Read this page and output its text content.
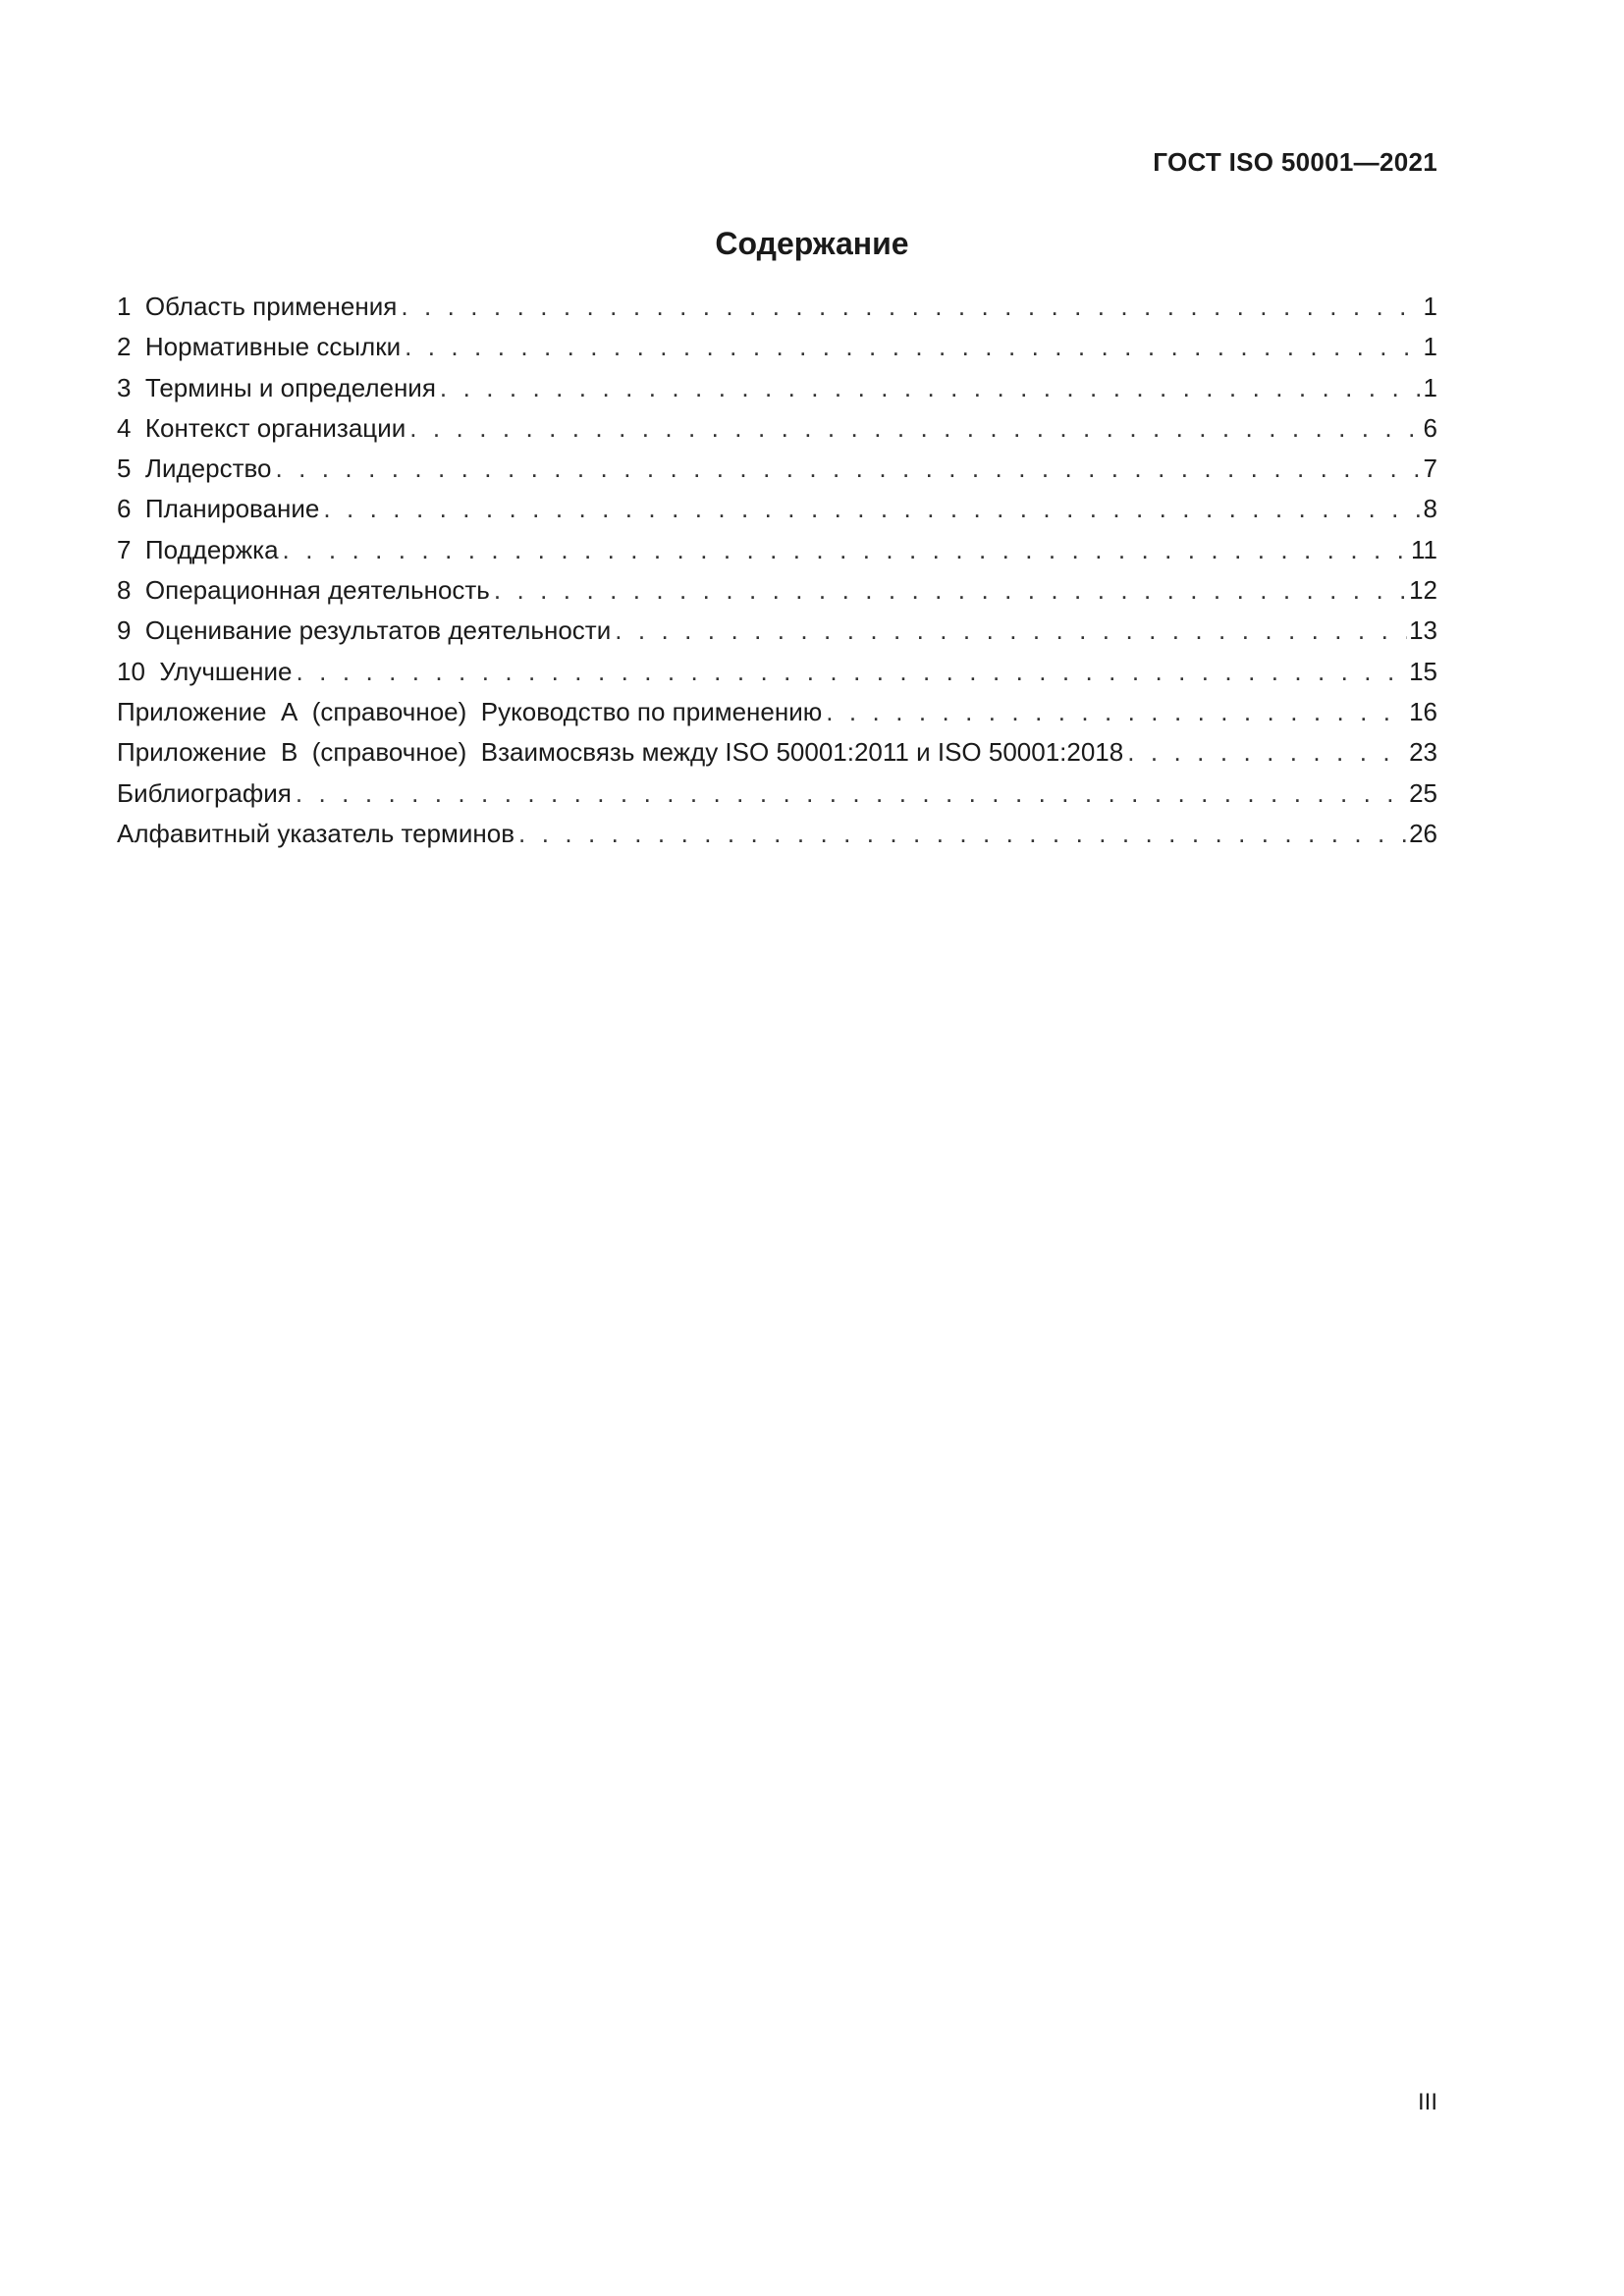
ГОСТ ISO 50001—2021
Содержание
1  Область применения . . .	1
2  Нормативные ссылки . . .	1
3  Термины и определения . . .	1
4  Контекст организации . . .	6
5  Лидерство . . .	7
6  Планирование . . .	8
7  Поддержка . . .	11
8  Операционная деятельность . . .	12
9  Оценивание результатов деятельности . . .	13
10  Улучшение . . .	15
Приложение  А  (справочное)  Руководство по применению . . .	16
Приложение  В  (справочное)  Взаимосвязь между ISO 50001:2011 и ISO 50001:2018 . . .	23
Библиография . . .	25
Алфавитный указатель терминов . . .	26
III
